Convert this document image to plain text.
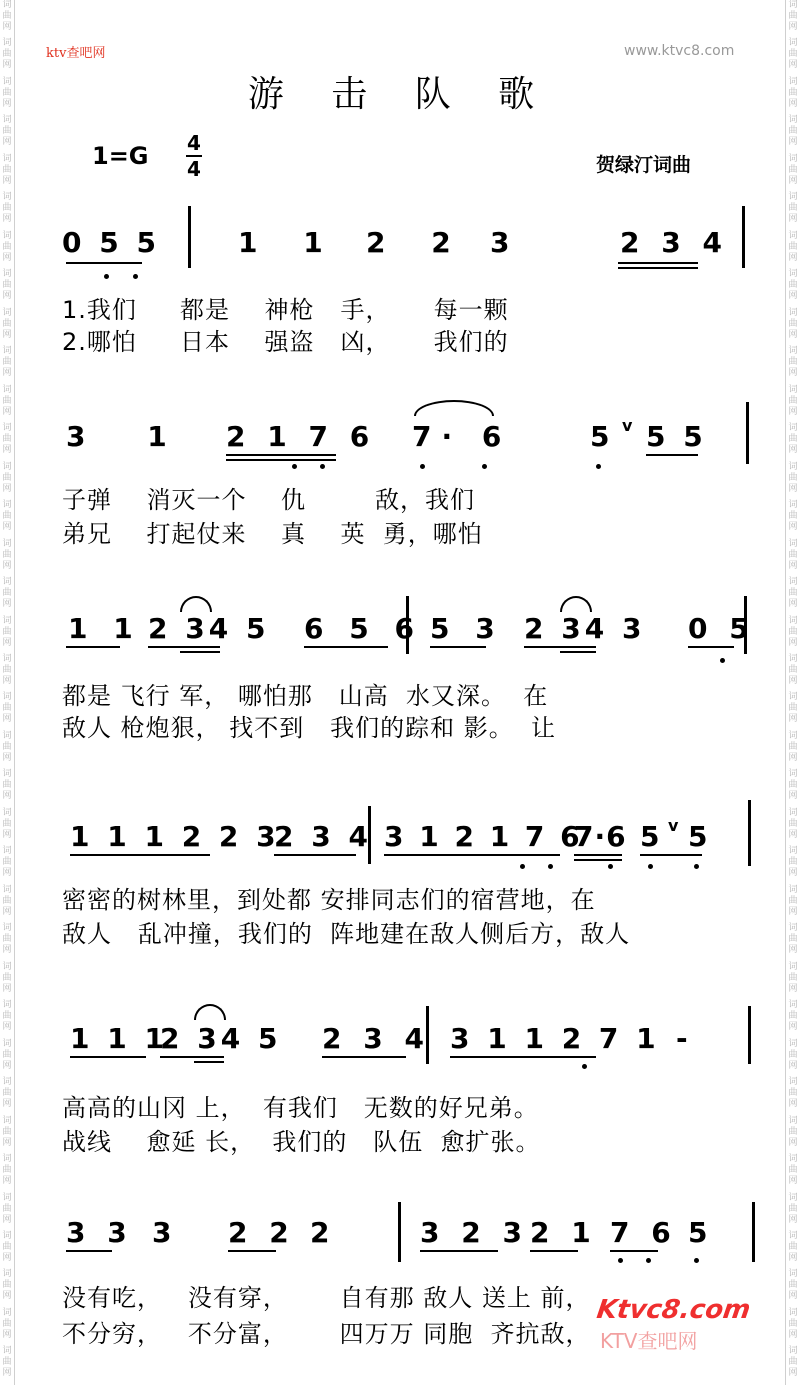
词
曲
网
词
曲
网
词
曲
网
词
曲
网
词
曲
网
词
曲
网
词
曲
网
词
曲
网
词
曲
网
词
曲
网
词
曲
网
词
曲
网
词
曲
网
词
曲
网
词
曲
网
词
曲
网
词
曲
网
词
曲
网
词
曲
网
词
曲
网
词
曲
网
词
曲
网
词
曲
网
词
曲
网
词
曲
网
词
曲
网
词
曲
网
词
曲
网
词
曲
网
词
曲
网
词
曲
网
词
曲
网
词
曲
网
词
曲
网
词
曲
网
词
曲
网
词
曲
网
词
曲
网
词
曲
网
词
曲
网
词
曲
网
词
曲
网
词
曲
网
词
曲
网
词
曲
网
词
曲
网
词
曲
网
词
曲
网
词
曲
网
词
曲
网
词
曲
网
词
曲
网
词
曲
网
词
曲
网
词
曲
网
词
曲
网
词
曲
网
词
曲
网
词
曲
网
词
曲
网
词
曲
网
词
曲
网
词
曲
网
词
曲
网
词
曲
网
词
曲
网
词
曲
网
词
曲
网
词
曲
网
词
曲
网
词
曲
网
词
曲
网
ktv查吧网	www.ktvc8.com
游 击 队 歌
1=G 4
4	贺绿汀词曲
0 5 5	1 1 2 2 3	2 3 4
1.我们     都是    神枪   手，     每一颗
2.哪怕     日本    强盗   凶，     我们的
3 1 2 1 7 6 7· 6	5 v 5 5
子弹    消灭一个    仇        敌，我们
弟兄    打起仗来    真    英  勇，哪怕
1 1 2 34 5 6 5 6 5 3 2 34 3 0 5
都是 飞行 军， 哪怕那   山高  水又深。  在
敌人 枪炮狠， 找不到   我们的踪和 影。  让
1 1 1 2 2 3
2 3 4 3 1 2 1 7 6
7·6 5 v 5
密密的树林里，到处都 安排同志们的宿营地，在
敌人   乱冲撞，我们的  阵地建在敌人侧后方，敌人
1 1 1
2 34 5 2 3 4 3 1 1 2 7 1 -
高高的山冈 上，  有我们   无数的好兄弟。
战线    愈延 长，  我们的   队伍  愈扩张。
3 3 3 2 2 2	3 2 3 2 1 7 6 5
没有吃，   没有穿，      自有那 敌人 送上 前，
不分穷，   不分富，      四万万 同胞  齐抗敌，
Ktvc8.com
KTV查吧网
